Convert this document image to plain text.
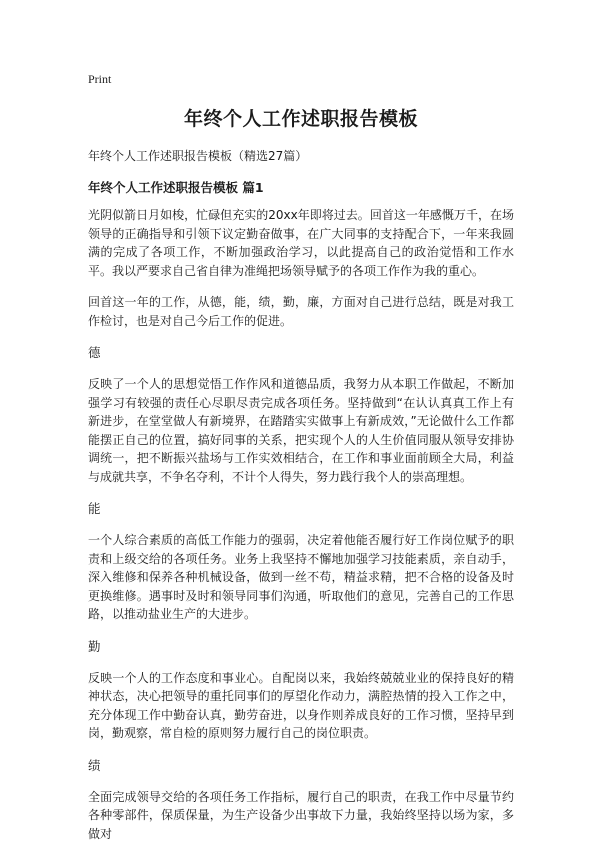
Print
年终个人工作述职报告模板
年终个人工作述职报告模板（精选27篇）
年终个人工作述职报告模板 篇1

光阴似箭日月如梭，忙碌但充实的20xx年即将过去。回首这一年感慨万千，在场领导的正确指导和引领下议定勤奋做事，在广大同事的支持配合下，一年来我圆满的完成了各项工作，不断加强政治学习，以此提高自己的政治觉悟和工作水平。我以严要求自己省自律为准绳把场领导赋予的各项工作作为我的重心。

回首这一年的工作，从德，能，绩，勤，廉，方面对自己进行总结，既是对我工作检讨，也是对自己今后工作的促进。

德

反映了一个人的思想觉悟工作作风和道德品质，我努力从本职工作做起，不断加强学习有较强的责任心尽职尽责完成各项任务。坚持做到“在认认真真工作上有新进步，在堂堂做人有新境界，在踏踏实实做事上有新成效，”无论做什么工作都能摆正自己的位置，搞好同事的关系，把实现个人的人生价值同服从领导安排协调统一，把不断振兴盐场与工作实效相结合，在工作和事业面前顾全大局，利益与成就共享，不争名夺利，不计个人得失，努力践行我个人的崇高理想。

能

一个人综合素质的高低工作能力的强弱，决定着他能否履行好工作岗位赋予的职责和上级交给的各项任务。业务上我坚持不懈地加强学习技能素质，亲自动手，深入维修和保养各种机械设备，做到一丝不苟，精益求精，把不合格的设备及时更换维修。遇事时及时和领导同事们沟通，听取他们的意见，完善自己的工作思路，以推动盐业生产的大进步。

勤

反映一个人的工作态度和事业心。自配岗以来，我始终兢兢业业的保持良好的精神状态，决心把领导的重托同事们的厚望化作动力，满腔热情的投入工作之中，充分体现工作中勤奋认真，勤劳奋进，以身作则养成良好的工作习惯，坚持早到岗，勤观察，常自检的原则努力履行自己的岗位职责。

绩

全面完成领导交给的各项任务工作指标，履行自己的职责，在我工作中尽量节约各种零部件，保质保量，为生产设备少出事故下力量，我始终坚持以场为家，多做对
